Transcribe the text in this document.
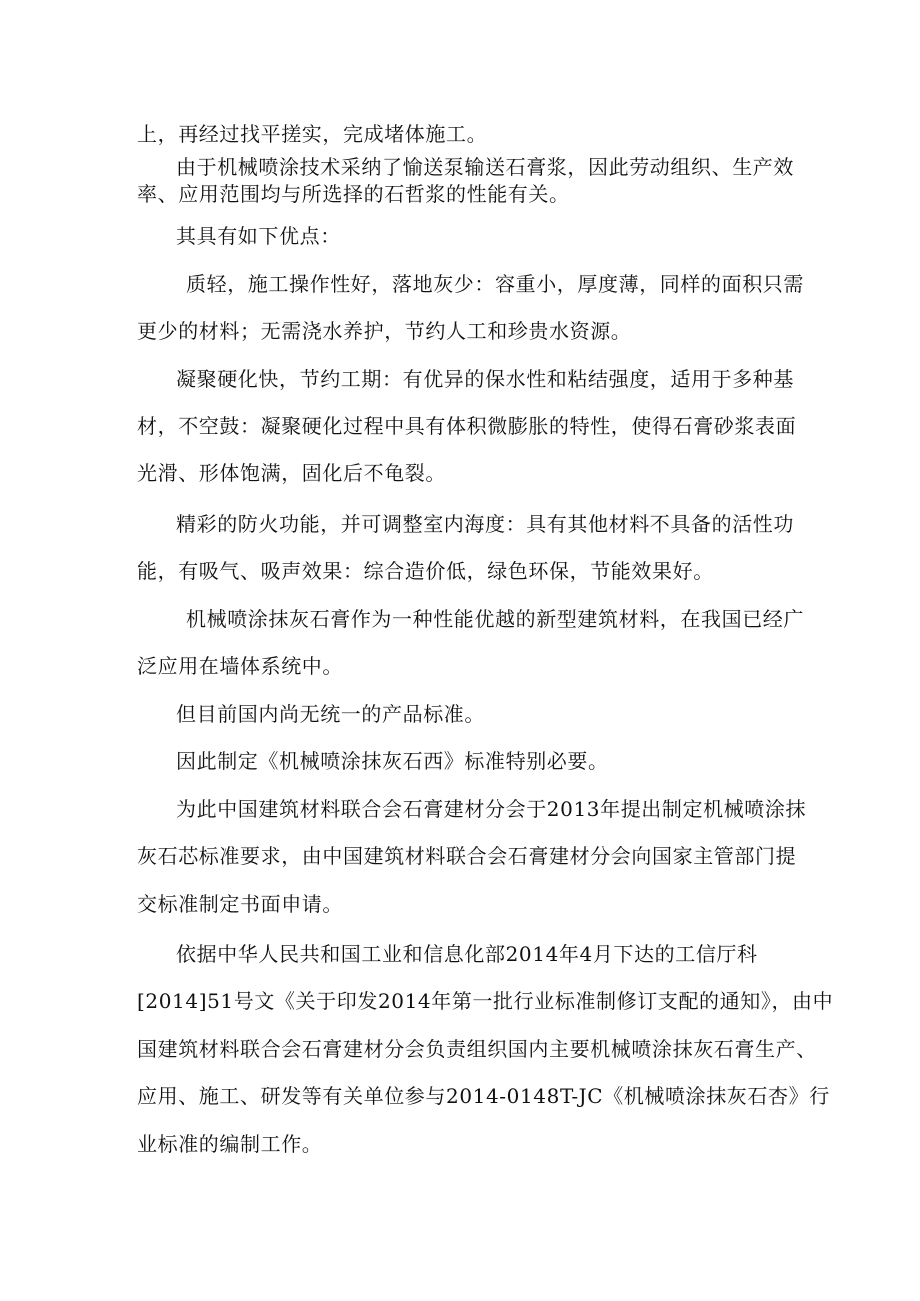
上，再经过找平搓实，完成堵体施工。
由于机械喷涂技术采纳了愉送泵输送石膏浆，因此劳动组织、生产效
率、应用范围均与所选择的石哲浆的性能有关。
其具有如下优点：
质轻，施工操作性好，落地灰少：容重小，厚度薄，同样的面积只需
更少的材料；无需浇水养护，节约人工和珍贵水资源。
凝聚硬化快，节约工期：有优异的保水性和粘结强度，适用于多种基
材，不空鼓：凝聚硬化过程中具有体积微膨胀的特性，使得石膏砂浆表面
光滑、形体饱满，固化后不龟裂。
精彩的防火功能，并可调整室内海度：具有其他材料不具备的活性功
能，有吸气、吸声效果：综合造价低，绿色环保，节能效果好。
机械喷涂抹灰石膏作为一种性能优越的新型建筑材料，在我国已经广
泛应用在墙体系统中。
但目前国内尚无统一的产品标准。
因此制定《机械喷涂抹灰石西》标准特别必要。
为此中国建筑材料联合会石膏建材分会于2013年提出制定机械喷涂抹
灰石芯标准要求，由中国建筑材料联合会石膏建材分会向国家主管部门提
交标准制定书面申请。
依据中华人民共和国工业和信息化部2014年4月下达的工信厅科
[2014]51号文《关于印发2014年第一批行业标准制修订支配的通知》，由中
国建筑材料联合会石膏建材分会负责组织国内主要机械喷涂抹灰石膏生产、
应用、施工、研发等有关单位参与2014-0148T-JC《机械喷涂抹灰石杏》行
业标准的编制工作。
